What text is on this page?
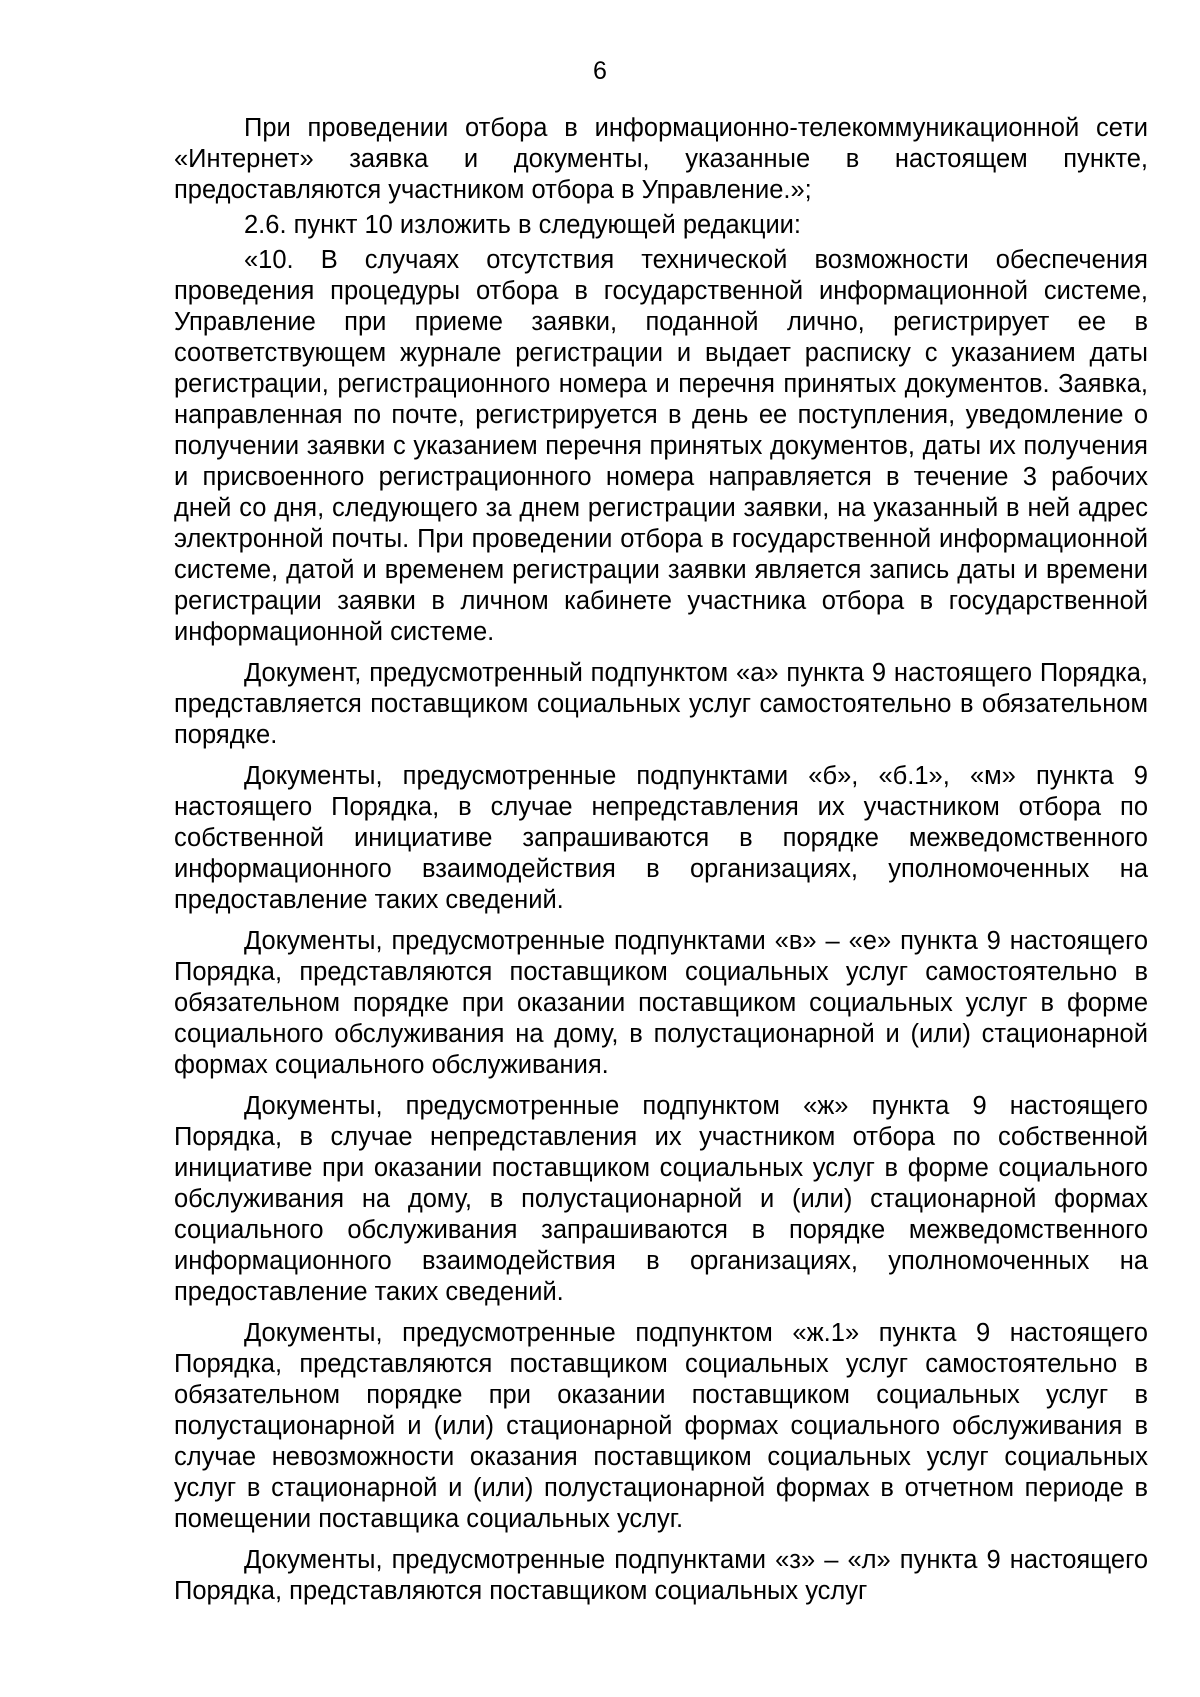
6

При проведении отбора в информационно-телекоммуникационной сети «Интернет» заявка и документы, указанные в настоящем пункте, предоставляются участником отбора в Управление.»;

2.6. пункт 10 изложить в следующей редакции:

«10. В случаях отсутствия технической возможности обеспечения проведения процедуры отбора в государственной информационной системе, Управление при приеме заявки, поданной лично, регистрирует ее в соответствующем журнале регистрации и выдает расписку с указанием даты регистрации, регистрационного номера и перечня принятых документов. Заявка, направленная по почте, регистрируется в день ее поступления, уведомление о получении заявки с указанием перечня принятых документов, даты их получения и присвоенного регистрационного номера направляется в течение 3 рабочих дней со дня, следующего за днем регистрации заявки, на указанный в ней адрес электронной почты. При проведении отбора в государственной информационной системе, датой и временем регистрации заявки является запись даты и времени регистрации заявки в личном кабинете участника отбора в государственной информационной системе.

Документ, предусмотренный подпунктом «а» пункта 9 настоящего Порядка, представляется поставщиком социальных услуг самостоятельно в обязательном порядке.

Документы, предусмотренные подпунктами «б», «б.1», «м» пункта 9 настоящего Порядка, в случае непредставления их участником отбора по собственной инициативе запрашиваются в порядке межведомственного информационного взаимодействия в организациях, уполномоченных на предоставление таких сведений.

Документы, предусмотренные подпунктами «в» – «е» пункта 9 настоящего Порядка, представляются поставщиком социальных услуг самостоятельно в обязательном порядке при оказании поставщиком социальных услуг в форме социального обслуживания на дому, в полустационарной и (или) стационарной формах социального обслуживания.

Документы, предусмотренные подпунктом «ж» пункта 9 настоящего Порядка, в случае непредставления их участником отбора по собственной инициативе при оказании поставщиком социальных услуг в форме социального обслуживания на дому, в полустационарной и (или) стационарной формах социального обслуживания запрашиваются в порядке межведомственного информационного взаимодействия в организациях, уполномоченных на предоставление таких сведений.

Документы, предусмотренные подпунктом «ж.1» пункта 9 настоящего Порядка, представляются поставщиком социальных услуг самостоятельно в обязательном порядке при оказании поставщиком социальных услуг в полустационарной и (или) стационарной формах социального обслуживания в случае невозможности оказания поставщиком социальных услуг социальных услуг в стационарной и (или) полустационарной формах в отчетном периоде в помещении поставщика социальных услуг.

Документы, предусмотренные подпунктами «з» – «л» пункта 9 настоящего Порядка, представляются поставщиком социальных услуг
